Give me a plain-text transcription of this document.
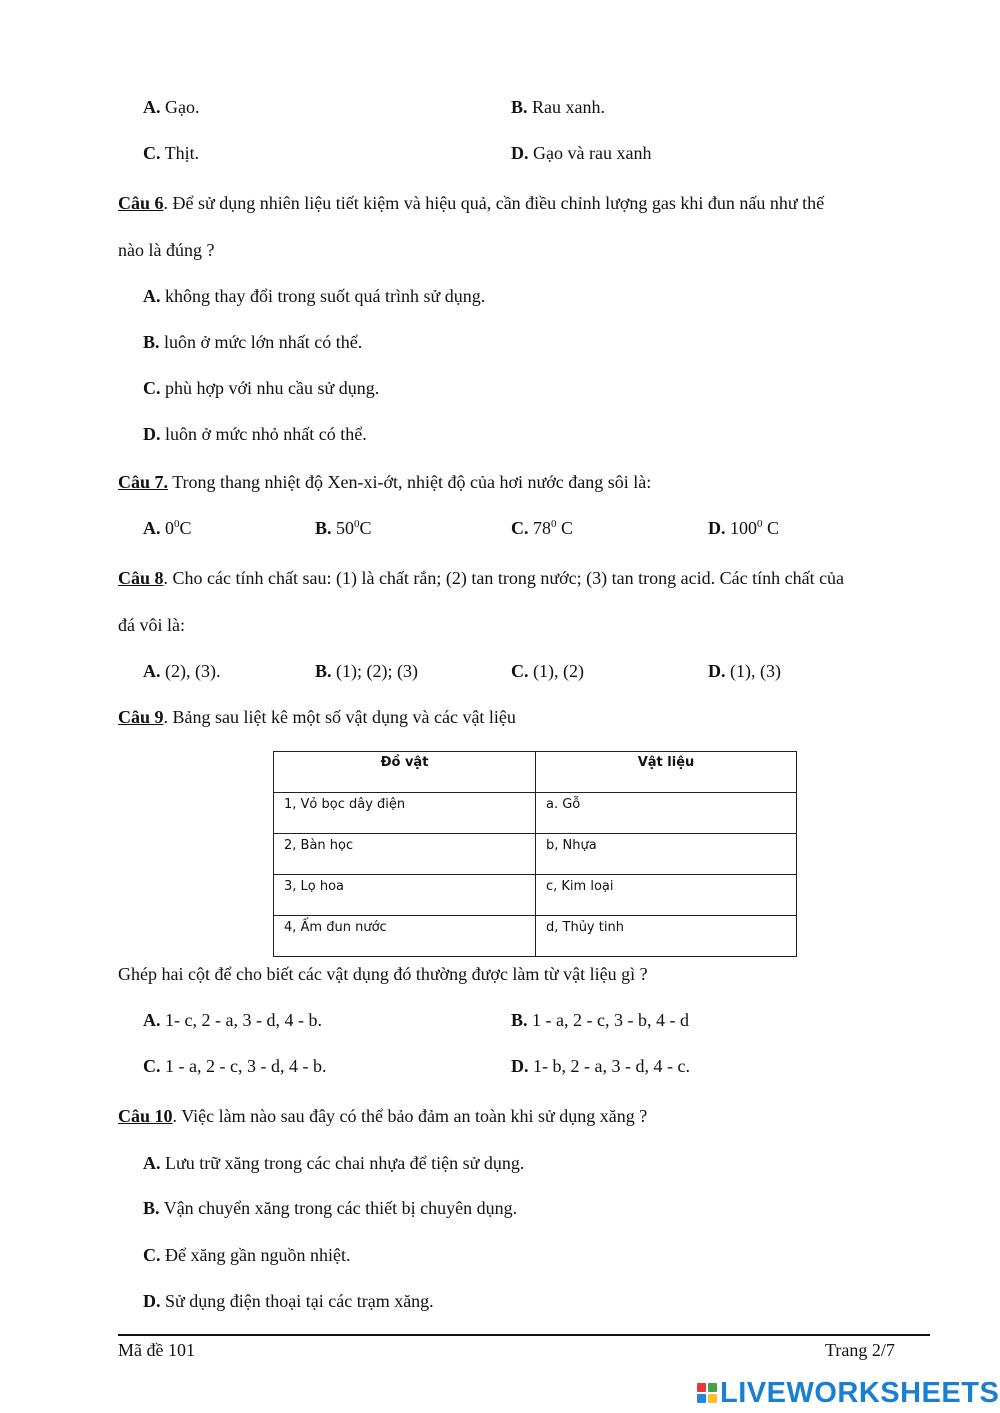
A. Gạo.	B. Rau xanh.
C. Thịt.	D. Gạo và rau xanh
Câu 6. Để sử dụng nhiên liệu tiết kiệm và hiệu quả, cần điều chỉnh lượng gas khi đun nấu như thế
nào là đúng ?
A. không thay đổi trong suốt quá trình sử dụng.
B. luôn ở mức lớn nhất có thể.
C. phù hợp với nhu cầu sử dụng.
D. luôn ở mức nhỏ nhất có thể.
Câu 7. Trong thang nhiệt độ Xen-xi-ớt, nhiệt độ của hơi nước đang sôi là:
A. $0^0C$	B. $50^0C$	C. $78^0$ C	D. $100^0$ C
Câu 8. Cho các tính chất sau: (1) là chất rắn; (2) tan trong nước; (3) tan trong acid. Các tính chất của
đá vôi là:
A. (2), (3).	B. (1); (2); (3)	C. (1), (2)	D. (1), (3)
Câu 9. Bảng sau liệt kê một số vật dụng và các vật liệu
Đồ vật	Vật liệu
1, Vỏ bọc dây điện	a. Gỗ
2, Bàn học	b, Nhựa
3, Lọ hoa	c, Kim loại
4, Ấm đun nước	d, Thủy tinh
Ghép hai cột để cho biết các vật dụng đó thường được làm từ vật liệu gì ?
A. 1- c, 2 - a, 3 - d, 4 - b.	B. 1 - a, 2 - c, 3 - b, 4 - d
C. 1 - a, 2 - c, 3 - d, 4 - b.	D. 1- b, 2 - a, 3 - d, 4 - c.
Câu 10. Việc làm nào sau đây có thể bảo đảm an toàn khi sử dụng xăng ?
A. Lưu trữ xăng trong các chai nhựa để tiện sử dụng.
B. Vận chuyển xăng trong các thiết bị chuyên dụng.
C. Để xăng gần nguồn nhiệt.
D. Sử dụng điện thoại tại các trạm xăng.
Mã đề 101	Trang 2/7
LIVEWORKSHEETS
